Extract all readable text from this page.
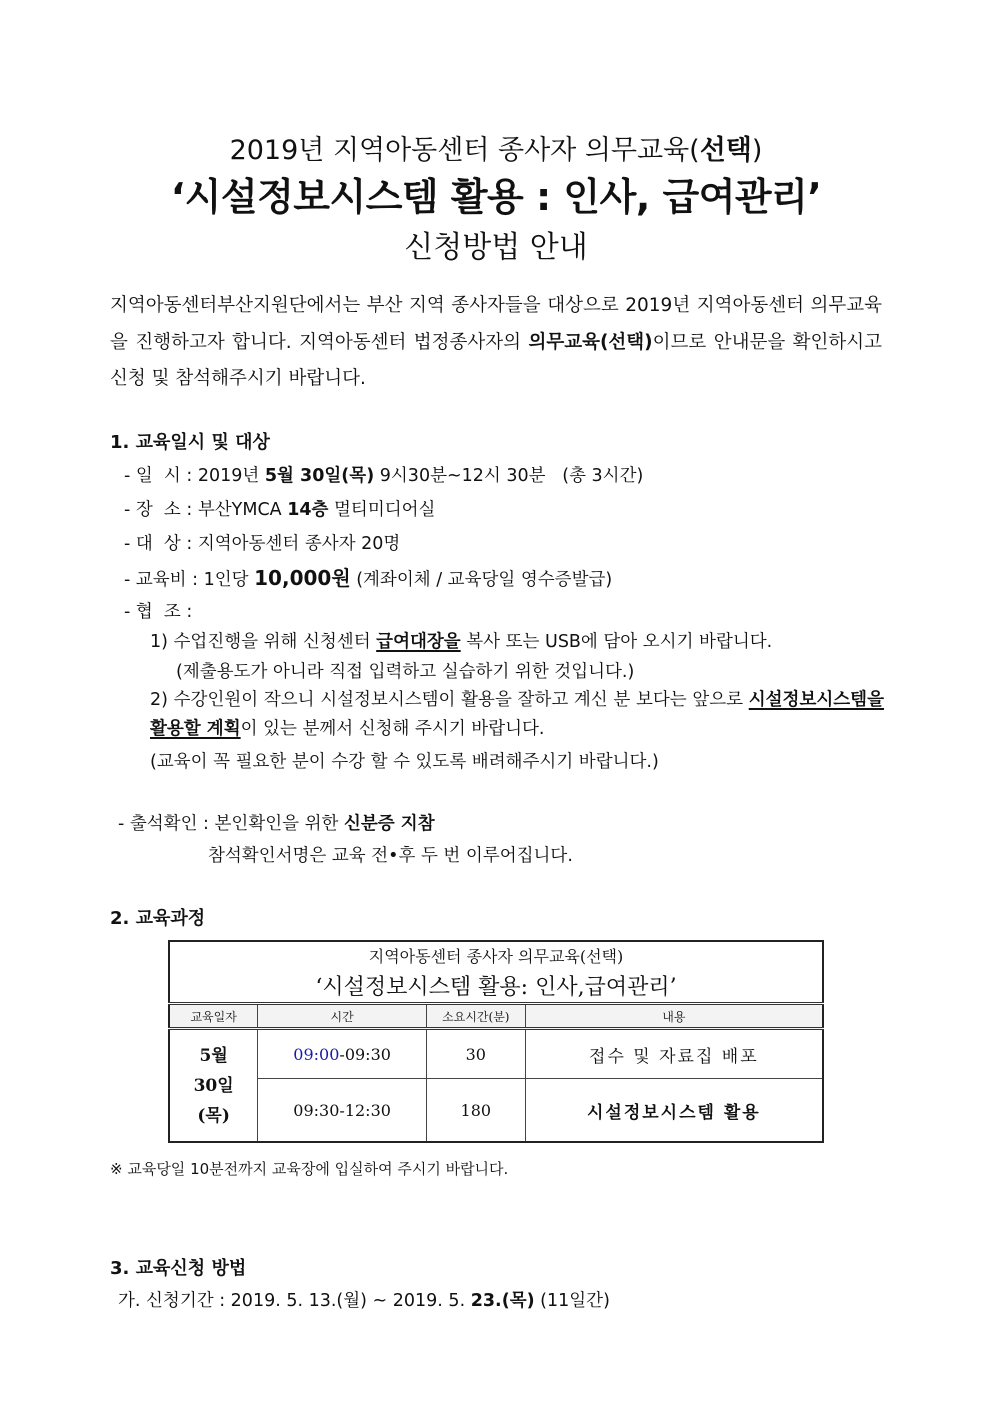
2019년 지역아동센터 종사자 의무교육(선택)
‘시설정보시스템 활용 : 인사, 급여관리’
신청방법 안내
지역아동센터부산지원단에서는 부산 지역 종사자들을 대상으로 2019년 지역아동센터 의무교육을 진행하고자 합니다. 지역아동센터 법정종사자의 의무교육(선택)이므로 안내문을 확인하시고 신청 및 참석해주시기 바랍니다.
1. 교육일시 및 대상
- 일  시 : 2019년 5월 30일(목) 9시30분~12시 30분   (총 3시간)
- 장  소 : 부산YMCA 14층 멀티미디어실
- 대  상 : 지역아동센터 종사자 20명
- 교육비 : 1인당 10,000원 (계좌이체 / 교육당일 영수증발급)
- 협  조 :
1) 수업진행을 위해 신청센터 급여대장을 복사 또는 USB에 담아 오시기 바랍니다.
(제출용도가 아니라 직접 입력하고 실습하기 위한 것입니다.)
2) 수강인원이 작으니 시설정보시스템이 활용을 잘하고 계신 분 보다는 앞으로 시설정보시스템을 활용할 계획이 있는 분께서 신청해 주시기 바랍니다.
(교육이 꼭 필요한 분이 수강 할 수 있도록 배려해주시기 바랍니다.)
- 출석확인 : 본인확인을 위한 신분증 지참
참석확인서명은 교육 전•후 두 번 이루어집니다.
2. 교육과정
지역아동센터 종사자 의무교육(선택)			
‘시설정보시스템 활용: 인사,급여관리’			
교육일자	시간	소요시간(분)	내용

5월
30일
(목)	09:00-09:30	30	접수 및 자료집 배포
	09:30-12:30	180	시설정보시스템 활용
※ 교육당일 10분전까지 교육장에 입실하여 주시기 바랍니다.
3. 교육신청 방법
가. 신청기간 : 2019. 5. 13.(월) ~ 2019. 5. 23.(목) (11일간)
